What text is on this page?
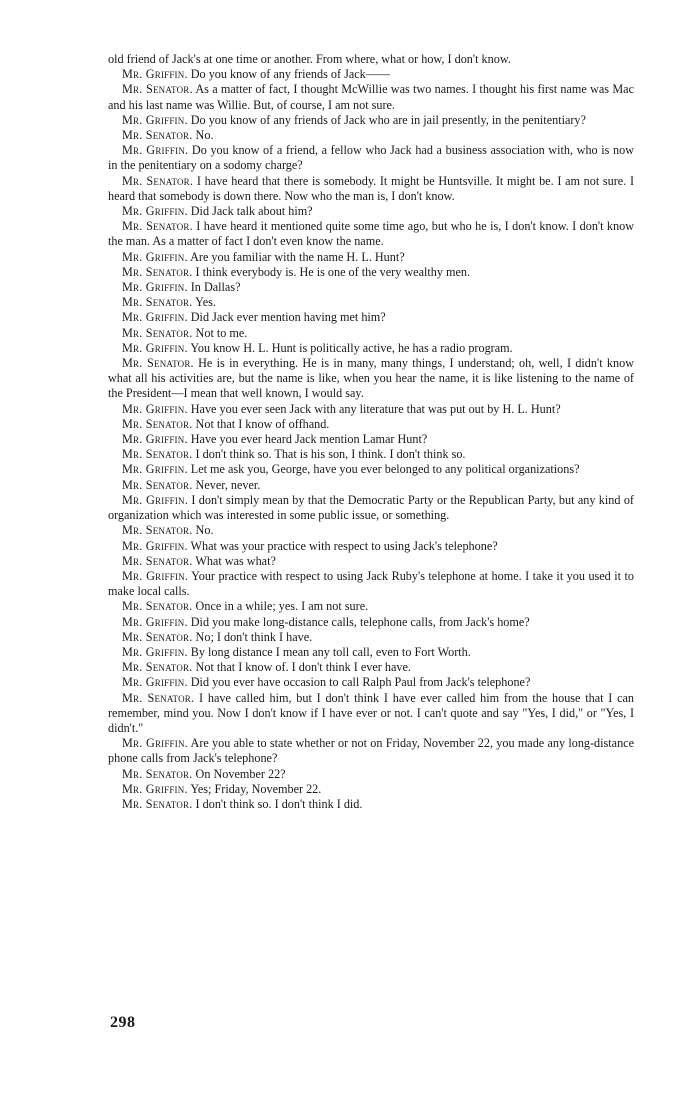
old friend of Jack's at one time or another. From where, what or how, I don't know.

Mr. Griffin. Do you know of any friends of Jack——

Mr. Senator. As a matter of fact, I thought McWillie was two names. I thought his first name was Mac and his last name was Willie. But, of course, I am not sure.

Mr. Griffin. Do you know of any friends of Jack who are in jail presently, in the penitentiary?

Mr. Senator. No.

Mr. Griffin. Do you know of a friend, a fellow who Jack had a business association with, who is now in the penitentiary on a sodomy charge?

Mr. Senator. I have heard that there is somebody. It might be Huntsville. It might be. I am not sure. I heard that somebody is down there. Now who the man is, I don't know.

Mr. Griffin. Did Jack talk about him?

Mr. Senator. I have heard it mentioned quite some time ago, but who he is, I don't know. I don't know the man. As a matter of fact I don't even know the name.

Mr. Griffin. Are you familiar with the name H. L. Hunt?

Mr. Senator. I think everybody is. He is one of the very wealthy men.

Mr. Griffin. In Dallas?

Mr. Senator. Yes.

Mr. Griffin. Did Jack ever mention having met him?

Mr. Senator. Not to me.

Mr. Griffin. You know H. L. Hunt is politically active, he has a radio program.

Mr. Senator. He is in everything. He is in many, many things, I understand; oh, well, I didn't know what all his activities are, but the name is like, when you hear the name, it is like listening to the name of the President—I mean that well known, I would say.

Mr. Griffin. Have you ever seen Jack with any literature that was put out by H. L. Hunt?

Mr. Senator. Not that I know of offhand.

Mr. Griffin. Have you ever heard Jack mention Lamar Hunt?

Mr. Senator. I don't think so. That is his son, I think. I don't think so.

Mr. Griffin. Let me ask you, George, have you ever belonged to any political organizations?

Mr. Senator. Never, never.

Mr. Griffin. I don't simply mean by that the Democratic Party or the Republican Party, but any kind of organization which was interested in some public issue, or something.

Mr. Senator. No.

Mr. Griffin. What was your practice with respect to using Jack's telephone?

Mr. Senator. What was what?

Mr. Griffin. Your practice with respect to using Jack Ruby's telephone at home. I take it you used it to make local calls.

Mr. Senator. Once in a while; yes. I am not sure.

Mr. Griffin. Did you make long-distance calls, telephone calls, from Jack's home?

Mr. Senator. No; I don't think I have.

Mr. Griffin. By long distance I mean any toll call, even to Fort Worth.

Mr. Senator. Not that I know of. I don't think I ever have.

Mr. Griffin. Did you ever have occasion to call Ralph Paul from Jack's telephone?

Mr. Senator. I have called him, but I don't think I have ever called him from the house that I can remember, mind you. Now I don't know if I have ever or not. I can't quote and say "Yes, I did," or "Yes, I didn't."

Mr. Griffin. Are you able to state whether or not on Friday, November 22, you made any long-distance phone calls from Jack's telephone?

Mr. Senator. On November 22?

Mr. Griffin. Yes; Friday, November 22.

Mr. Senator. I don't think so. I don't think I did.

298
